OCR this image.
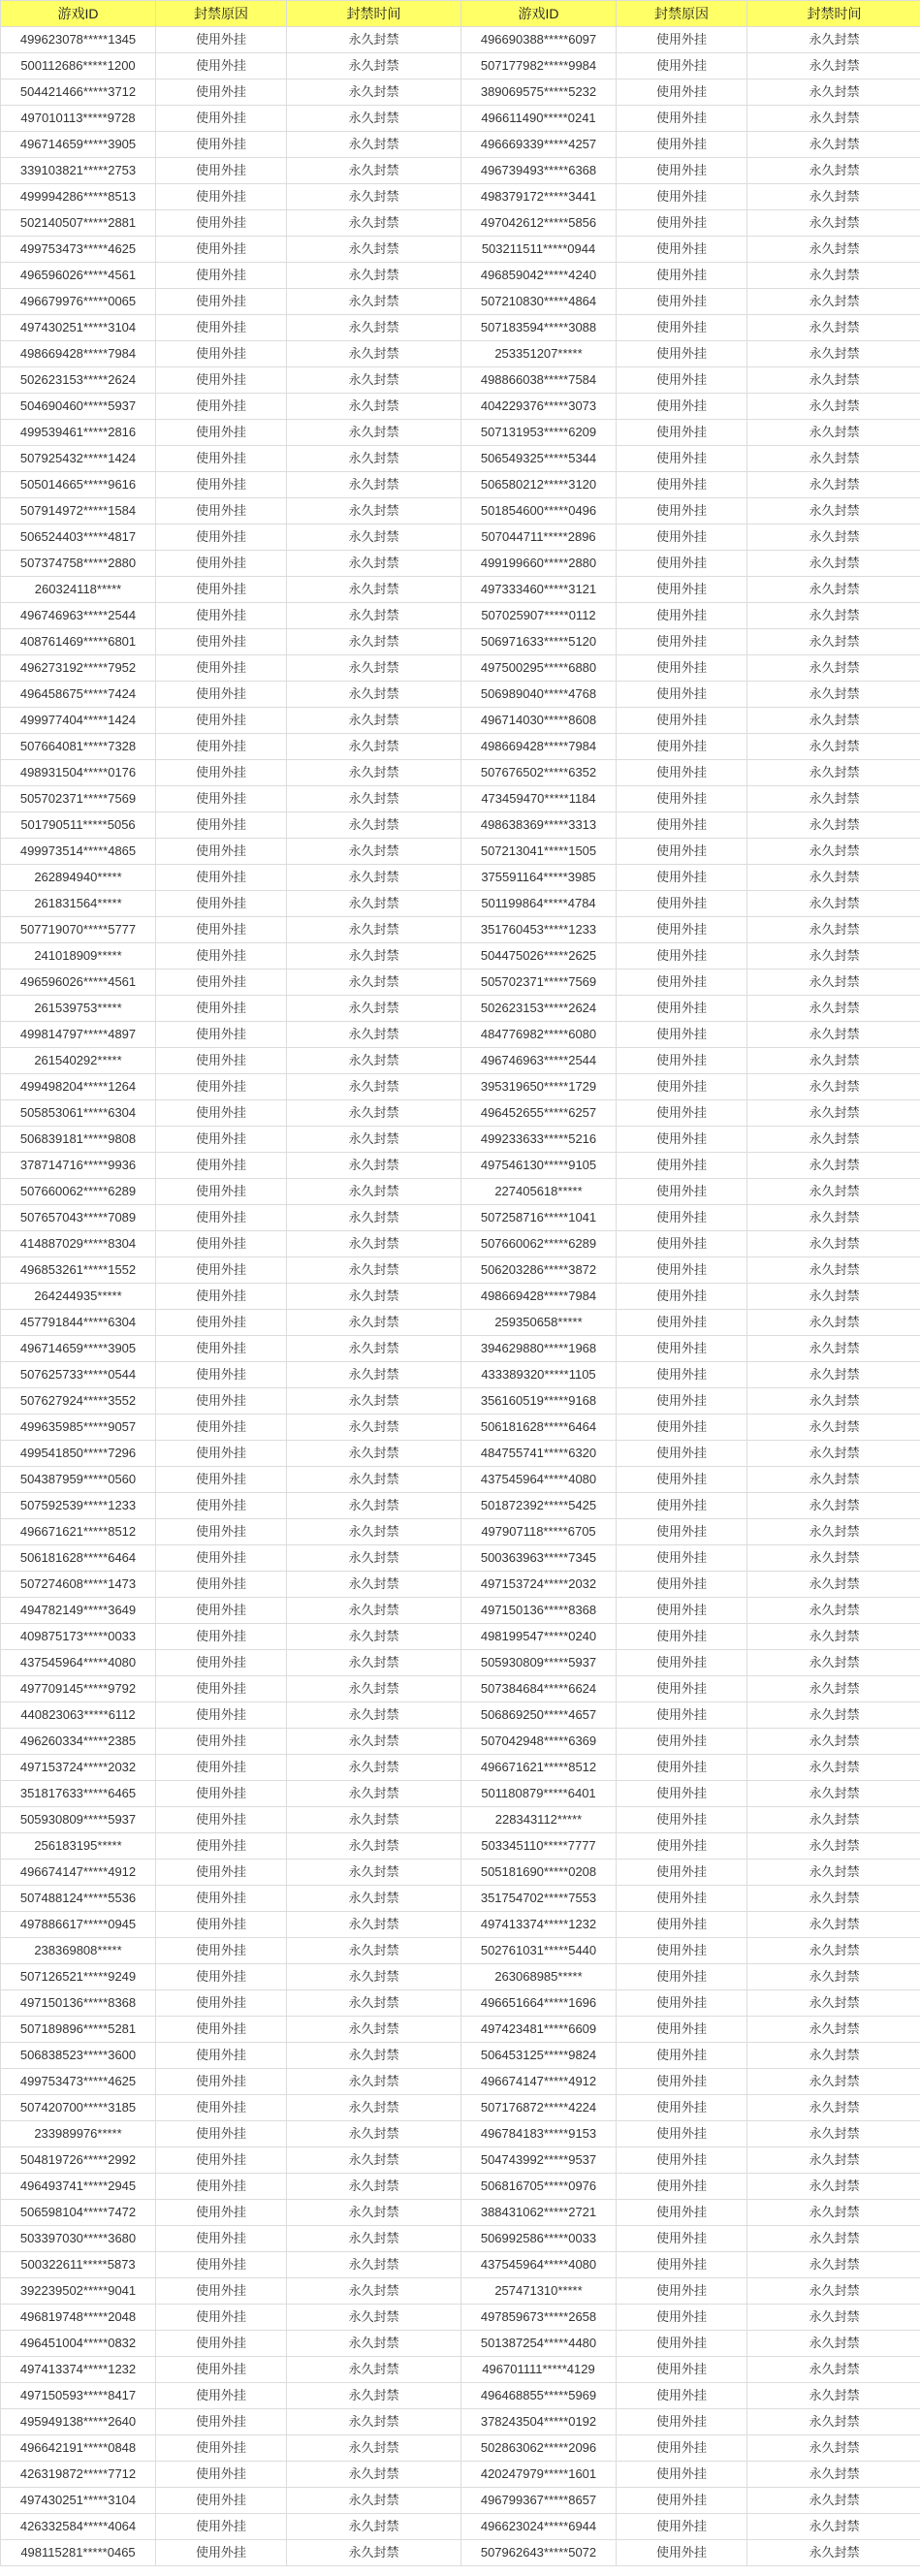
游戏ID	封禁原因	封禁时间	游戏ID	封禁原因	封禁时间
499623078*****1345	使用外挂	永久封禁	496690388*****6097	使用外挂	永久封禁
500112686*****1200	使用外挂	永久封禁	507177982*****9984	使用外挂	永久封禁
504421466*****3712	使用外挂	永久封禁	389069575*****5232	使用外挂	永久封禁
497010113*****9728	使用外挂	永久封禁	496611490*****0241	使用外挂	永久封禁
496714659*****3905	使用外挂	永久封禁	496669339*****4257	使用外挂	永久封禁
339103821*****2753	使用外挂	永久封禁	496739493*****6368	使用外挂	永久封禁
499994286*****8513	使用外挂	永久封禁	498379172*****3441	使用外挂	永久封禁
502140507*****2881	使用外挂	永久封禁	497042612*****5856	使用外挂	永久封禁
499753473*****4625	使用外挂	永久封禁	503211511*****0944	使用外挂	永久封禁
496596026*****4561	使用外挂	永久封禁	496859042*****4240	使用外挂	永久封禁
496679976*****0065	使用外挂	永久封禁	507210830*****4864	使用外挂	永久封禁
497430251*****3104	使用外挂	永久封禁	507183594*****3088	使用外挂	永久封禁
498669428*****7984	使用外挂	永久封禁	253351207*****	使用外挂	永久封禁
502623153*****2624	使用外挂	永久封禁	498866038*****7584	使用外挂	永久封禁
504690460*****5937	使用外挂	永久封禁	404229376*****3073	使用外挂	永久封禁
499539461*****2816	使用外挂	永久封禁	507131953*****6209	使用外挂	永久封禁
507925432*****1424	使用外挂	永久封禁	506549325*****5344	使用外挂	永久封禁
505014665*****9616	使用外挂	永久封禁	506580212*****3120	使用外挂	永久封禁
507914972*****1584	使用外挂	永久封禁	501854600*****0496	使用外挂	永久封禁
506524403*****4817	使用外挂	永久封禁	507044711*****2896	使用外挂	永久封禁
507374758*****2880	使用外挂	永久封禁	499199660*****2880	使用外挂	永久封禁
260324118*****	使用外挂	永久封禁	497333460*****3121	使用外挂	永久封禁
496746963*****2544	使用外挂	永久封禁	507025907*****0112	使用外挂	永久封禁
408761469*****6801	使用外挂	永久封禁	506971633*****5120	使用外挂	永久封禁
496273192*****7952	使用外挂	永久封禁	497500295*****6880	使用外挂	永久封禁
496458675*****7424	使用外挂	永久封禁	506989040*****4768	使用外挂	永久封禁
499977404*****1424	使用外挂	永久封禁	496714030*****8608	使用外挂	永久封禁
507664081*****7328	使用外挂	永久封禁	498669428*****7984	使用外挂	永久封禁
498931504*****0176	使用外挂	永久封禁	507676502*****6352	使用外挂	永久封禁
505702371*****7569	使用外挂	永久封禁	473459470*****1184	使用外挂	永久封禁
501790511*****5056	使用外挂	永久封禁	498638369*****3313	使用外挂	永久封禁
499973514*****4865	使用外挂	永久封禁	507213041*****1505	使用外挂	永久封禁
262894940*****	使用外挂	永久封禁	375591164*****3985	使用外挂	永久封禁
261831564*****	使用外挂	永久封禁	501199864*****4784	使用外挂	永久封禁
507719070*****5777	使用外挂	永久封禁	351760453*****1233	使用外挂	永久封禁
241018909*****	使用外挂	永久封禁	504475026*****2625	使用外挂	永久封禁
496596026*****4561	使用外挂	永久封禁	505702371*****7569	使用外挂	永久封禁
261539753*****	使用外挂	永久封禁	502623153*****2624	使用外挂	永久封禁
499814797*****4897	使用外挂	永久封禁	484776982*****6080	使用外挂	永久封禁
261540292*****	使用外挂	永久封禁	496746963*****2544	使用外挂	永久封禁
499498204*****1264	使用外挂	永久封禁	395319650*****1729	使用外挂	永久封禁
505853061*****6304	使用外挂	永久封禁	496452655*****6257	使用外挂	永久封禁
506839181*****9808	使用外挂	永久封禁	499233633*****5216	使用外挂	永久封禁
378714716*****9936	使用外挂	永久封禁	497546130*****9105	使用外挂	永久封禁
507660062*****6289	使用外挂	永久封禁	227405618*****	使用外挂	永久封禁
507657043*****7089	使用外挂	永久封禁	507258716*****1041	使用外挂	永久封禁
414887029*****8304	使用外挂	永久封禁	507660062*****6289	使用外挂	永久封禁
496853261*****1552	使用外挂	永久封禁	506203286*****3872	使用外挂	永久封禁
264244935*****	使用外挂	永久封禁	498669428*****7984	使用外挂	永久封禁
457791844*****6304	使用外挂	永久封禁	259350658*****	使用外挂	永久封禁
496714659*****3905	使用外挂	永久封禁	394629880*****1968	使用外挂	永久封禁
507625733*****0544	使用外挂	永久封禁	433389320*****1105	使用外挂	永久封禁
507627924*****3552	使用外挂	永久封禁	356160519*****9168	使用外挂	永久封禁
499635985*****9057	使用外挂	永久封禁	506181628*****6464	使用外挂	永久封禁
499541850*****7296	使用外挂	永久封禁	484755741*****6320	使用外挂	永久封禁
504387959*****0560	使用外挂	永久封禁	437545964*****4080	使用外挂	永久封禁
507592539*****1233	使用外挂	永久封禁	501872392*****5425	使用外挂	永久封禁
496671621*****8512	使用外挂	永久封禁	497907118*****6705	使用外挂	永久封禁
506181628*****6464	使用外挂	永久封禁	500363963*****7345	使用外挂	永久封禁
507274608*****1473	使用外挂	永久封禁	497153724*****2032	使用外挂	永久封禁
494782149*****3649	使用外挂	永久封禁	497150136*****8368	使用外挂	永久封禁
409875173*****0033	使用外挂	永久封禁	498199547*****0240	使用外挂	永久封禁
437545964*****4080	使用外挂	永久封禁	505930809*****5937	使用外挂	永久封禁
497709145*****9792	使用外挂	永久封禁	507384684*****6624	使用外挂	永久封禁
440823063*****6112	使用外挂	永久封禁	506869250*****4657	使用外挂	永久封禁
496260334*****2385	使用外挂	永久封禁	507042948*****6369	使用外挂	永久封禁
497153724*****2032	使用外挂	永久封禁	496671621*****8512	使用外挂	永久封禁
351817633*****6465	使用外挂	永久封禁	501180879*****6401	使用外挂	永久封禁
505930809*****5937	使用外挂	永久封禁	228343112*****	使用外挂	永久封禁
256183195*****	使用外挂	永久封禁	503345110*****7777	使用外挂	永久封禁
496674147*****4912	使用外挂	永久封禁	505181690*****0208	使用外挂	永久封禁
507488124*****5536	使用外挂	永久封禁	351754702*****7553	使用外挂	永久封禁
497886617*****0945	使用外挂	永久封禁	497413374*****1232	使用外挂	永久封禁
238369808*****	使用外挂	永久封禁	502761031*****5440	使用外挂	永久封禁
507126521*****9249	使用外挂	永久封禁	263068985*****	使用外挂	永久封禁
497150136*****8368	使用外挂	永久封禁	496651664*****1696	使用外挂	永久封禁
507189896*****5281	使用外挂	永久封禁	497423481*****6609	使用外挂	永久封禁
506838523*****3600	使用外挂	永久封禁	506453125*****9824	使用外挂	永久封禁
499753473*****4625	使用外挂	永久封禁	496674147*****4912	使用外挂	永久封禁
507420700*****3185	使用外挂	永久封禁	507176872*****4224	使用外挂	永久封禁
233989976*****	使用外挂	永久封禁	496784183*****9153	使用外挂	永久封禁
504819726*****2992	使用外挂	永久封禁	504743992*****9537	使用外挂	永久封禁
496493741*****2945	使用外挂	永久封禁	506816705*****0976	使用外挂	永久封禁
506598104*****7472	使用外挂	永久封禁	388431062*****2721	使用外挂	永久封禁
503397030*****3680	使用外挂	永久封禁	506992586*****0033	使用外挂	永久封禁
500322611*****5873	使用外挂	永久封禁	437545964*****4080	使用外挂	永久封禁
392239502*****9041	使用外挂	永久封禁	257471310*****	使用外挂	永久封禁
496819748*****2048	使用外挂	永久封禁	497859673*****2658	使用外挂	永久封禁
496451004*****0832	使用外挂	永久封禁	501387254*****4480	使用外挂	永久封禁
497413374*****1232	使用外挂	永久封禁	496701111*****4129	使用外挂	永久封禁
497150593*****8417	使用外挂	永久封禁	496468855*****5969	使用外挂	永久封禁
495949138*****2640	使用外挂	永久封禁	378243504*****0192	使用外挂	永久封禁
496642191*****0848	使用外挂	永久封禁	502863062*****2096	使用外挂	永久封禁
426319872*****7712	使用外挂	永久封禁	420247979*****1601	使用外挂	永久封禁
497430251*****3104	使用外挂	永久封禁	496799367*****8657	使用外挂	永久封禁
426332584*****4064	使用外挂	永久封禁	496623024*****6944	使用外挂	永久封禁
498115281*****0465	使用外挂	永久封禁	507962643*****5072	使用外挂	永久封禁
